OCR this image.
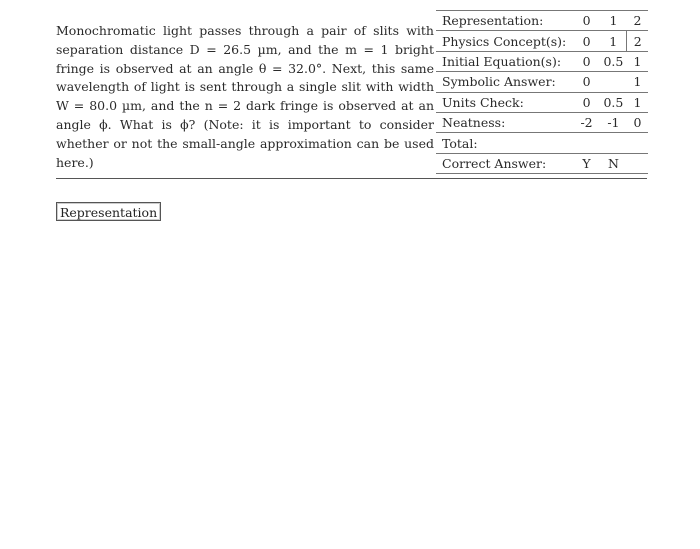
Monochromatic light passes through a pair of slits with separation distance D = 26.5 µm, and the m = 1 bright fringe is observed at an angle θ = 32.0°. Next, this same wavelength of light is sent through a single slit with width W = 80.0 µm, and the n = 2 dark fringe is observed at an angle ϕ. What is ϕ? (Note: it is important to consider whether or not the small-angle approximation can be used here.)
Representation:	0	1	2
Physics Concept(s):	0	1	2
Initial Equation(s):	0	0.5	1
Symbolic Answer:	0		1
Units Check:	0	0.5	1
Neatness:	-2	-1	0
Total:			
Correct Answer:	Y	N	
Representation
